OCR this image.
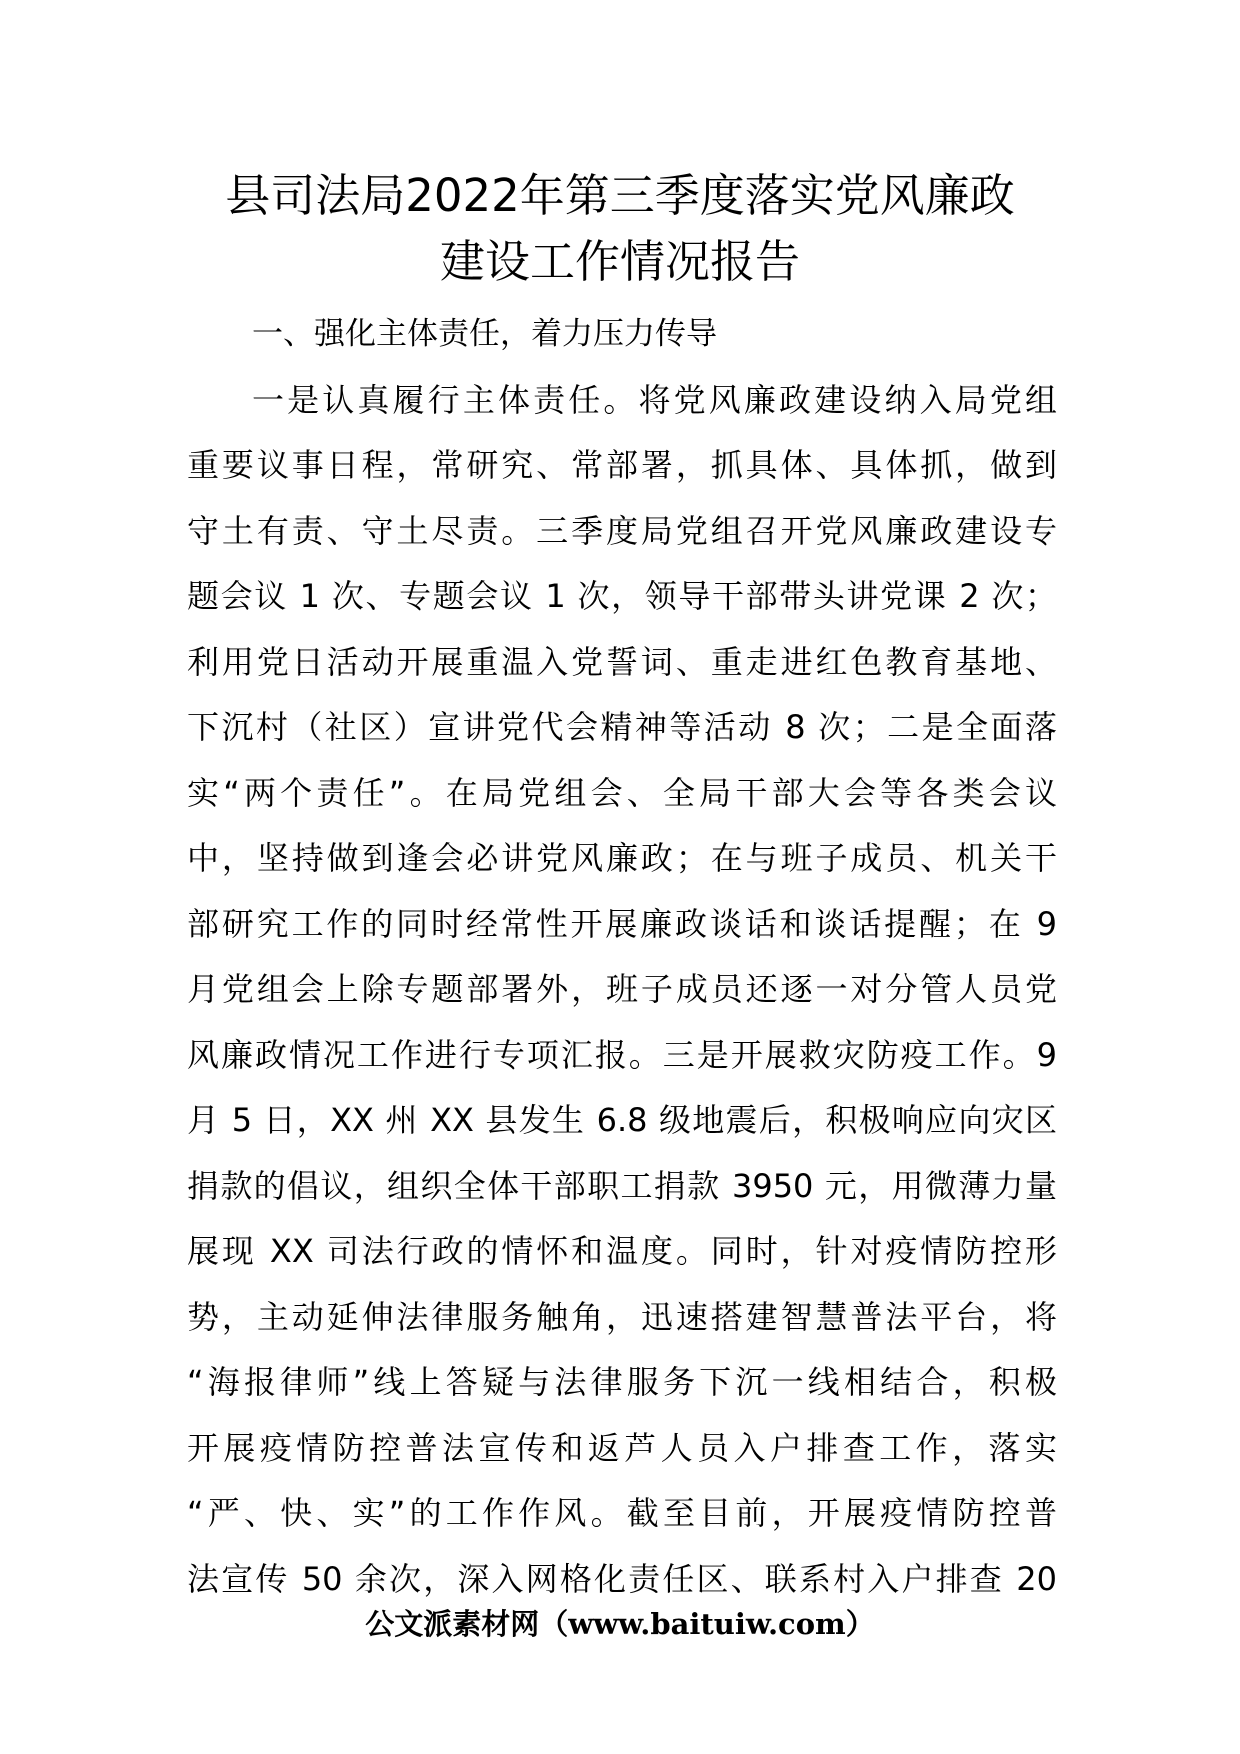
县司法局2022年第三季度落实党风廉政
建设工作情况报告
一、强化主体责任，着力压力传导
一是认真履行主体责任。将党风廉政建设纳入局党组
重要议事日程，常研究、常部署，抓具体、具体抓，做到
守土有责、守土尽责。三季度局党组召开党风廉政建设专
题会议 1 次、专题会议 1 次，领导干部带头讲党课 2 次；
利用党日活动开展重温入党誓词、重走进红色教育基地、
下沉村（社区）宣讲党代会精神等活动 8 次；二是全面落
实“两个责任”。在局党组会、全局干部大会等各类会议
中，坚持做到逢会必讲党风廉政；在与班子成员、机关干
部研究工作的同时经常性开展廉政谈话和谈话提醒；在 9
月党组会上除专题部署外，班子成员还逐一对分管人员党
风廉政情况工作进行专项汇报。三是开展救灾防疫工作。9
月 5 日，XX 州 XX 县发生 6.8 级地震后，积极响应向灾区
捐款的倡议，组织全体干部职工捐款 3950 元，用微薄力量
展现 XX 司法行政的情怀和温度。同时，针对疫情防控形
势，主动延伸法律服务触角，迅速搭建智慧普法平台，将
“海报律师”线上答疑与法律服务下沉一线相结合，积极
开展疫情防控普法宣传和返芦人员入户排查工作，落实
“严、快、实”的工作作风。截至目前，开展疫情防控普
法宣传 50 余次，深入网格化责任区、联系村入户排查 20
公文派素材网（www.baituiw.com）
